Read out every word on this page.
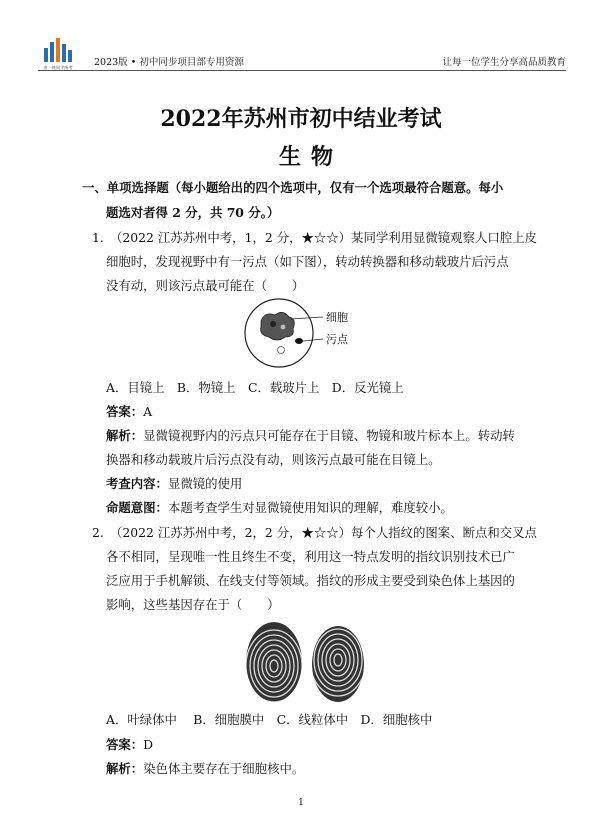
由一统同学统考 2023版 • 初中同步项目部专用资源	让每一位学生分享高品质教育
2022年苏州市初中结业考试
生物
一、单项选择题（每小题给出的四个选项中，仅有一个选项最符合题意。每小
题选对者得 2 分，共 70 分。）
1.　（2022 江苏苏州中考，1，2 分，★☆☆）某同学利用显微镜观察人口腔上皮
细胞时，发现视野中有一污点（如下图），转动转换器和移动载玻片后污点
没有动，则该污点最可能在（　　）
细胞
污点
A．目镜上　B．物镜上　C．载玻片上　D．反光镜上
答案：A
解析：显微镜视野内的污点只可能存在于目镜、物镜和玻片标本上。转动转
换器和移动载玻片后污点没有动，则该污点最可能在目镜上。
考查内容：显微镜的使用
命题意图：本题考查学生对显微镜使用知识的理解，难度较小。
2.　（2022 江苏苏州中考，2，2 分，★☆☆）每个人指纹的图案、断点和交叉点
各不相同，呈现唯一性且终生不变，利用这一特点发明的指纹识别技术已广
泛应用于手机解锁、在线支付等领域。指纹的形成主要受到染色体上基因的
影响，这些基因存在于（　　）
A．叶绿体中　 B．细胞膜中　C．线粒体中　D．细胞核中
答案：D
解析：染色体主要存在于细胞核中。
1
